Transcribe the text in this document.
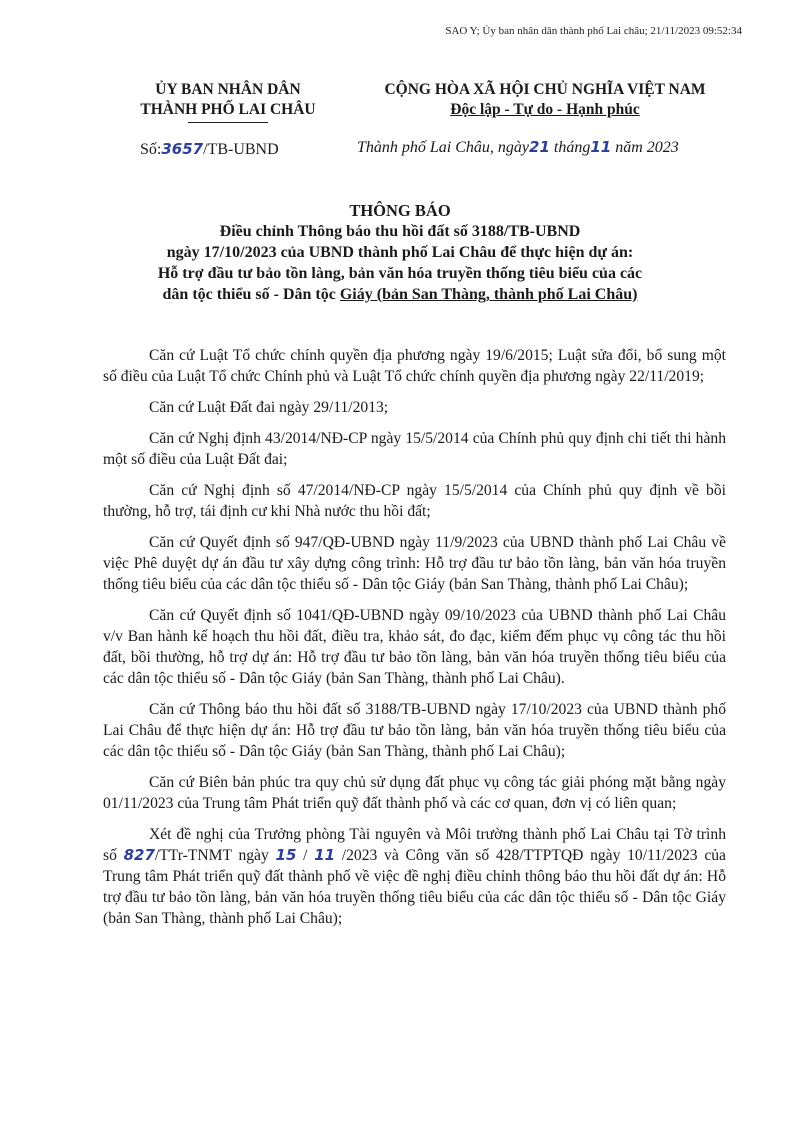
SAO Y; Ủy ban nhân dân thành phố Lai châu; 21/11/2023 09:52:34
ỦY BAN NHÂN DÂN
THÀNH PHỐ LAI CHÂU
CỘNG HÒA XÃ HỘI CHỦ NGHĨA VIỆT NAM
Độc lập - Tự do - Hạnh phúc
Số:3657/TB-UBND	Thành phố Lai Châu, ngày21 tháng11 năm 2023
THÔNG BÁO
Điều chỉnh Thông báo thu hồi đất số 3188/TB-UBND
ngày 17/10/2023 của UBND thành phố Lai Châu để thực hiện dự án:
Hỗ trợ đầu tư bảo tồn làng, bản văn hóa truyền thống tiêu biểu của các
dân tộc thiểu số - Dân tộc Giáy (bản San Thàng, thành phố Lai Châu)

Căn cứ Luật Tổ chức chính quyền địa phương ngày 19/6/2015; Luật sửa đổi, bổ sung một số điều của Luật Tổ chức Chính phủ và Luật Tổ chức chính quyền địa phương ngày 22/11/2019;

Căn cứ Luật Đất đai ngày 29/11/2013;

Căn cứ Nghị định 43/2014/NĐ-CP ngày 15/5/2014 của Chính phủ quy định chi tiết thi hành một số điều của Luật Đất đai;

Căn cứ Nghị định số 47/2014/NĐ-CP ngày 15/5/2014 của Chính phủ quy định về bồi thường, hỗ trợ, tái định cư khi Nhà nước thu hồi đất;

Căn cứ Quyết định số 947/QĐ-UBND ngày 11/9/2023 của UBND thành phố Lai Châu về việc Phê duyệt dự án đầu tư xây dựng công trình: Hỗ trợ đầu tư bảo tồn làng, bản văn hóa truyền thống tiêu biểu của các dân tộc thiểu số - Dân tộc Giáy (bản San Thàng, thành phố Lai Châu);

Căn cứ Quyết định số 1041/QĐ-UBND ngày 09/10/2023 của UBND thành phố Lai Châu v/v Ban hành kế hoạch thu hồi đất, điều tra, khảo sát, đo đạc, kiểm đếm phục vụ công tác thu hồi đất, bồi thường, hỗ trợ dự án: Hỗ trợ đầu tư bảo tồn làng, bản văn hóa truyền thống tiêu biểu của các dân tộc thiểu số - Dân tộc Giáy (bản San Thàng, thành phố Lai Châu).

Căn cứ Thông báo thu hồi đất số 3188/TB-UBND ngày 17/10/2023 của UBND thành phố Lai Châu để thực hiện dự án: Hỗ trợ đầu tư bảo tồn làng, bản văn hóa truyền thống tiêu biểu của các dân tộc thiểu số - Dân tộc Giáy (bản San Thàng, thành phố Lai Châu);

Căn cứ Biên bản phúc tra quy chủ sử dụng đất phục vụ công tác giải phóng mặt bằng ngày 01/11/2023 của Trung tâm Phát triển quỹ đất thành phố và các cơ quan, đơn vị có liên quan;

Xét đề nghị của Trưởng phòng Tài nguyên và Môi trường thành phố Lai Châu tại Tờ trình số 827/TTr-TNMT ngày 15 / 11 /2023 và Công văn số 428/TTPTQĐ ngày 10/11/2023 của Trung tâm Phát triển quỹ đất thành phố về việc đề nghị điều chỉnh thông báo thu hồi đất dự án: Hỗ trợ đầu tư bảo tồn làng, bản văn hóa truyền thống tiêu biểu của các dân tộc thiểu số - Dân tộc Giáy (bản San Thàng, thành phố Lai Châu);
